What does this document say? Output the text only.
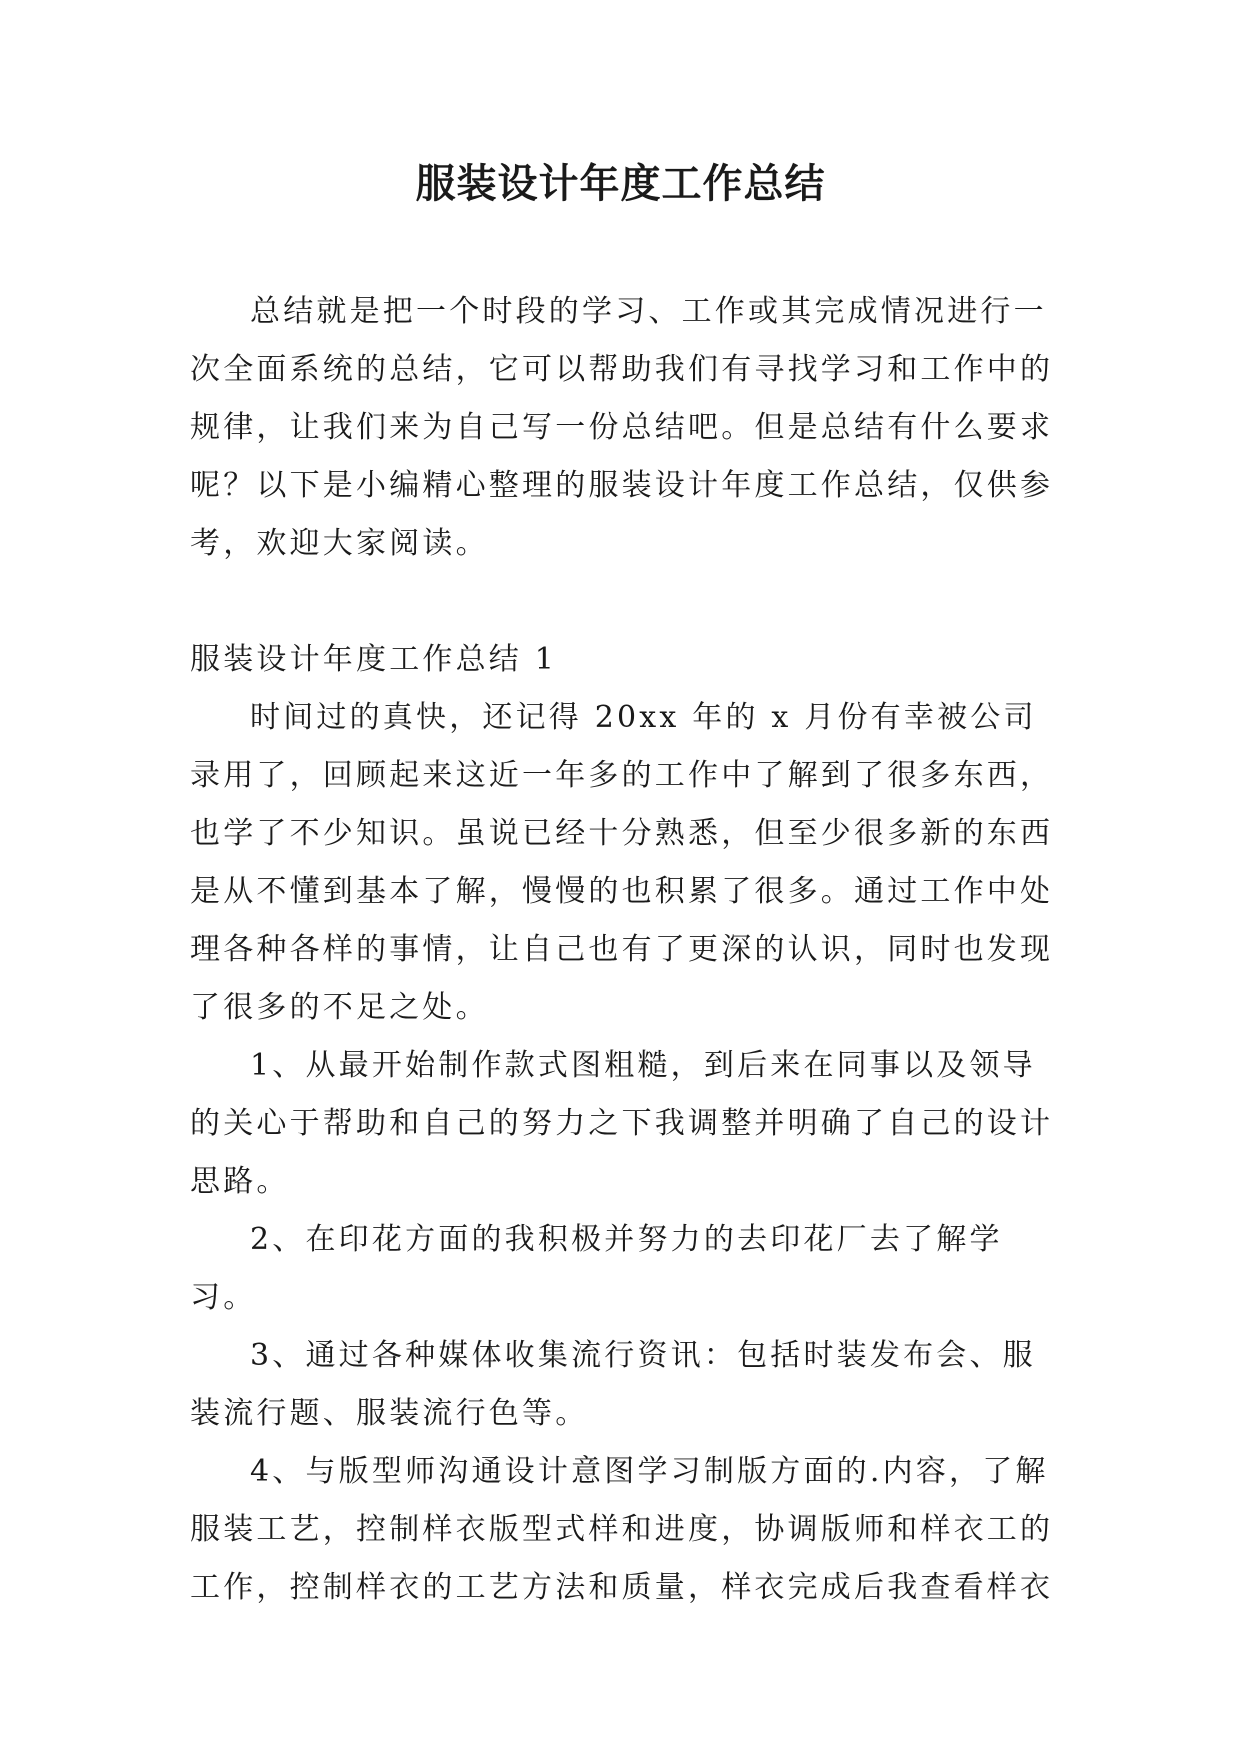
服装设计年度工作总结

总结就是把一个时段的学习、工作或其完成情况进行一次全面系统的总结，它可以帮助我们有寻找学习和工作中的规律，让我们来为自己写一份总结吧。但是总结有什么要求呢？以下是小编精心整理的服装设计年度工作总结，仅供参考，欢迎大家阅读。

服装设计年度工作总结 1

时间过的真快，还记得 20xx 年的 x 月份有幸被公司录用了，回顾起来这近一年多的工作中了解到了很多东西，也学了不少知识。虽说已经十分熟悉，但至少很多新的东西是从不懂到基本了解，慢慢的也积累了很多。通过工作中处理各种各样的事情，让自己也有了更深的认识，同时也发现了很多的不足之处。

1、从最开始制作款式图粗糙，到后来在同事以及领导的关心于帮助和自己的努力之下我调整并明确了自己的设计思路。

2、在印花方面的我积极并努力的去印花厂去了解学习。

3、通过各种媒体收集流行资讯：包括时装发布会、服装流行题、服装流行色等。

4、与版型师沟通设计意图学习制版方面的.内容，了解服装工艺，控制样衣版型式样和进度，协调版师和样衣工的工作，控制样衣的工艺方法和质量，样衣完成后我查看样衣
